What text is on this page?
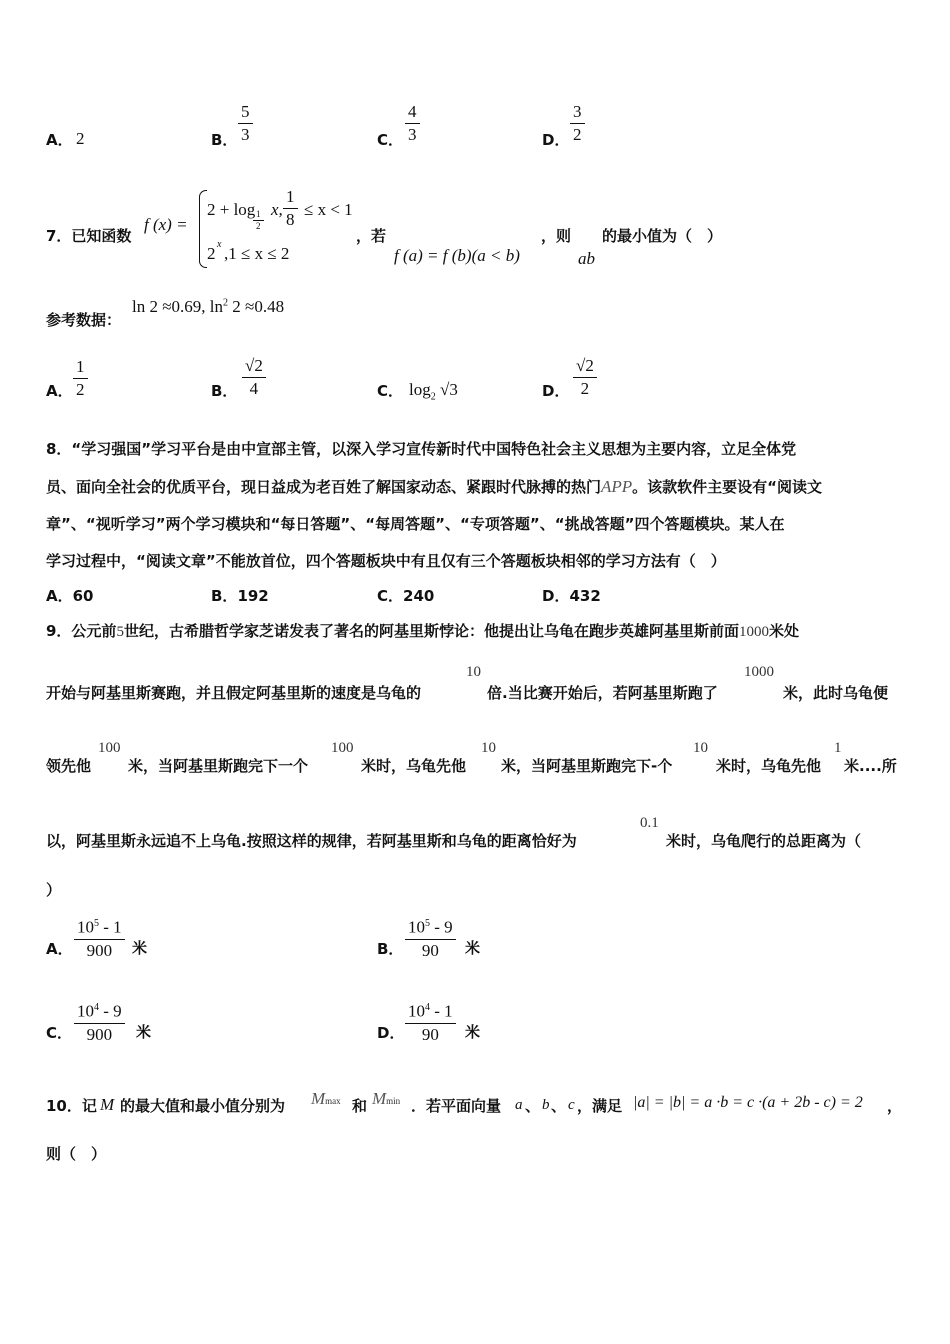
A． 2	B． $\frac{5}{3}$	C． $\frac{4}{3}$	D． $\frac{3}{2}$
7．已知函数
f (x) =
2 + log
$\frac{1}{2}$
x, $\frac{1}{8} \le x < 1$
2 x ,1 ≤ x ≤ 2
，若
f (a) = f (b)(a < b)
，则
ab
的最小值为（　）
参考数据：
ln 2 ≈0.69, $\ln^2 2 \approx 0.48$
A． $\frac{1}{2}$	B． $\frac{√2}{4}$	C． $\log_2 √3$	D． $\frac{√2}{2}$
8．“学习强国”学习平台是由中宣部主管，以深入学习宣传新时代中国特色社会主义思想为主要内容，立足全体党
员、面向全社会的优质平台，现日益成为老百姓了解国家动态、紧跟时代脉搏的热门APP。该款软件主要设有“阅读文
章”、“视听学习”两个学习模块和“每日答题”、“每周答题”、“专项答题”、“挑战答题”四个答题模块。某人在
学习过程中，“阅读文章”不能放首位，四个答题板块中有且仅有三个答题板块相邻的学习方法有（　）
A．60	B．192	C．240	D．432
9．公元前5世纪，古希腊哲学家芝诺发表了著名的阿基里斯悖论：他提出让乌龟在跑步英雄阿基里斯前面1000米处
开始与阿基里斯赛跑，并且假定阿基里斯的速度是乌龟的
10
倍.当比赛开始后，若阿基里斯跑了
1000
米，此时乌龟便
领先他
100
米，当阿基里斯跑完下一个
100
米时，乌龟先他
10
米，当阿基里斯跑完下-个
10
米时，乌龟先他
1
米....所
以，阿基里斯永远追不上乌龟.按照这样的规律，若阿基里斯和乌龟的距离恰好为
0.1
米时，乌龟爬行的总距离为（
）
A． $\frac{10^5 - 1}{900}$ 米	B． $\frac{10^5 - 9}{90}$ 米
C． $\frac{10^4 - 9}{900}$ 米	D． $\frac{10^4 - 1}{90}$ 米
10．记 M 的最大值和最小值分别为 Mmax 和 Mmin ．若平面向量 a 、 b 、 c ，满足 |a| = |b| = a ·b = c ·(a + 2b - c) = 2 ，
则（　）
